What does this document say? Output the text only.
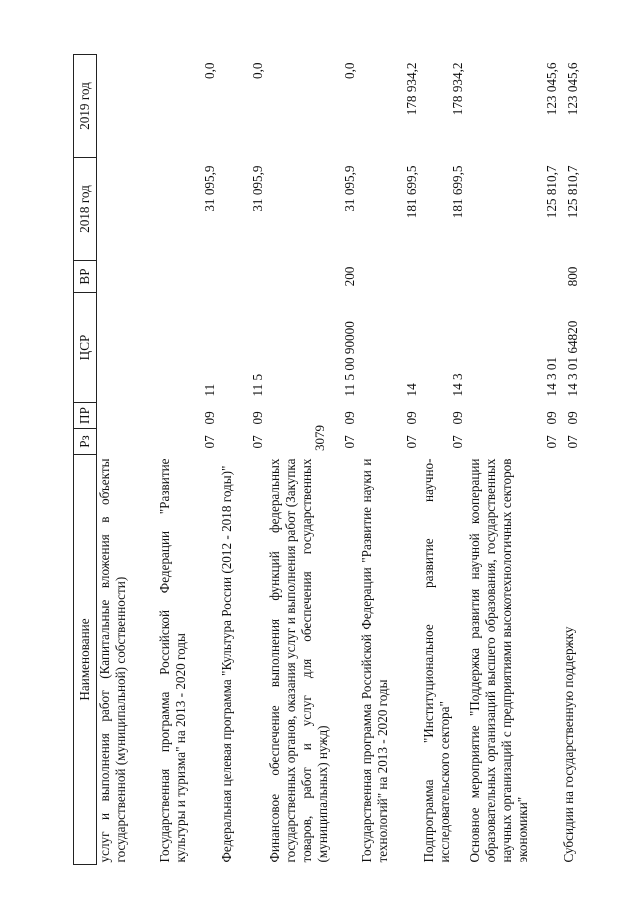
3079
Наименование	Рз	ПР	ЦСР	ВР	2018 год	2019 год
услуг и выполнения работ (Капитальные вложения в объекты государственной (муниципальной) собственности)						
Государственная программа Российской Федерации "Развитие культуры и туризма" на 2013 - 2020 годы	07	09	11		31 095,9	0,0
Федеральная целевая программа "Культура России (2012 - 2018 годы)"	07	09	11 5		31 095,9	0,0
Финансовое обеспечение выполнения функций федеральных государственных органов, оказания услуг и выполнения работ (Закупка товаров, работ и услуг для обеспечения государственных (муниципальных) нужд)	07	09	11 5 00 90000	200	31 095,9	0,0
Государственная программа Российской Федерации "Развитие науки и технологий" на 2013 - 2020 годы	07	09	14		181 699,5	178 934,2
Подпрограмма "Институциональное развитие научно-исследовательского сектора"	07	09	14 3		181 699,5	178 934,2
Основное мероприятие "Поддержка развития научной кооперации образовательных организаций высшего образования, государственных научных организаций с предприятиями высокотехнологичных секторов экономики"	07	09	14 3 01		125 810,7	123 045,6
Субсидии на государственную поддержку	07	09	14 3 01 64820	800	125 810,7	123 045,6
